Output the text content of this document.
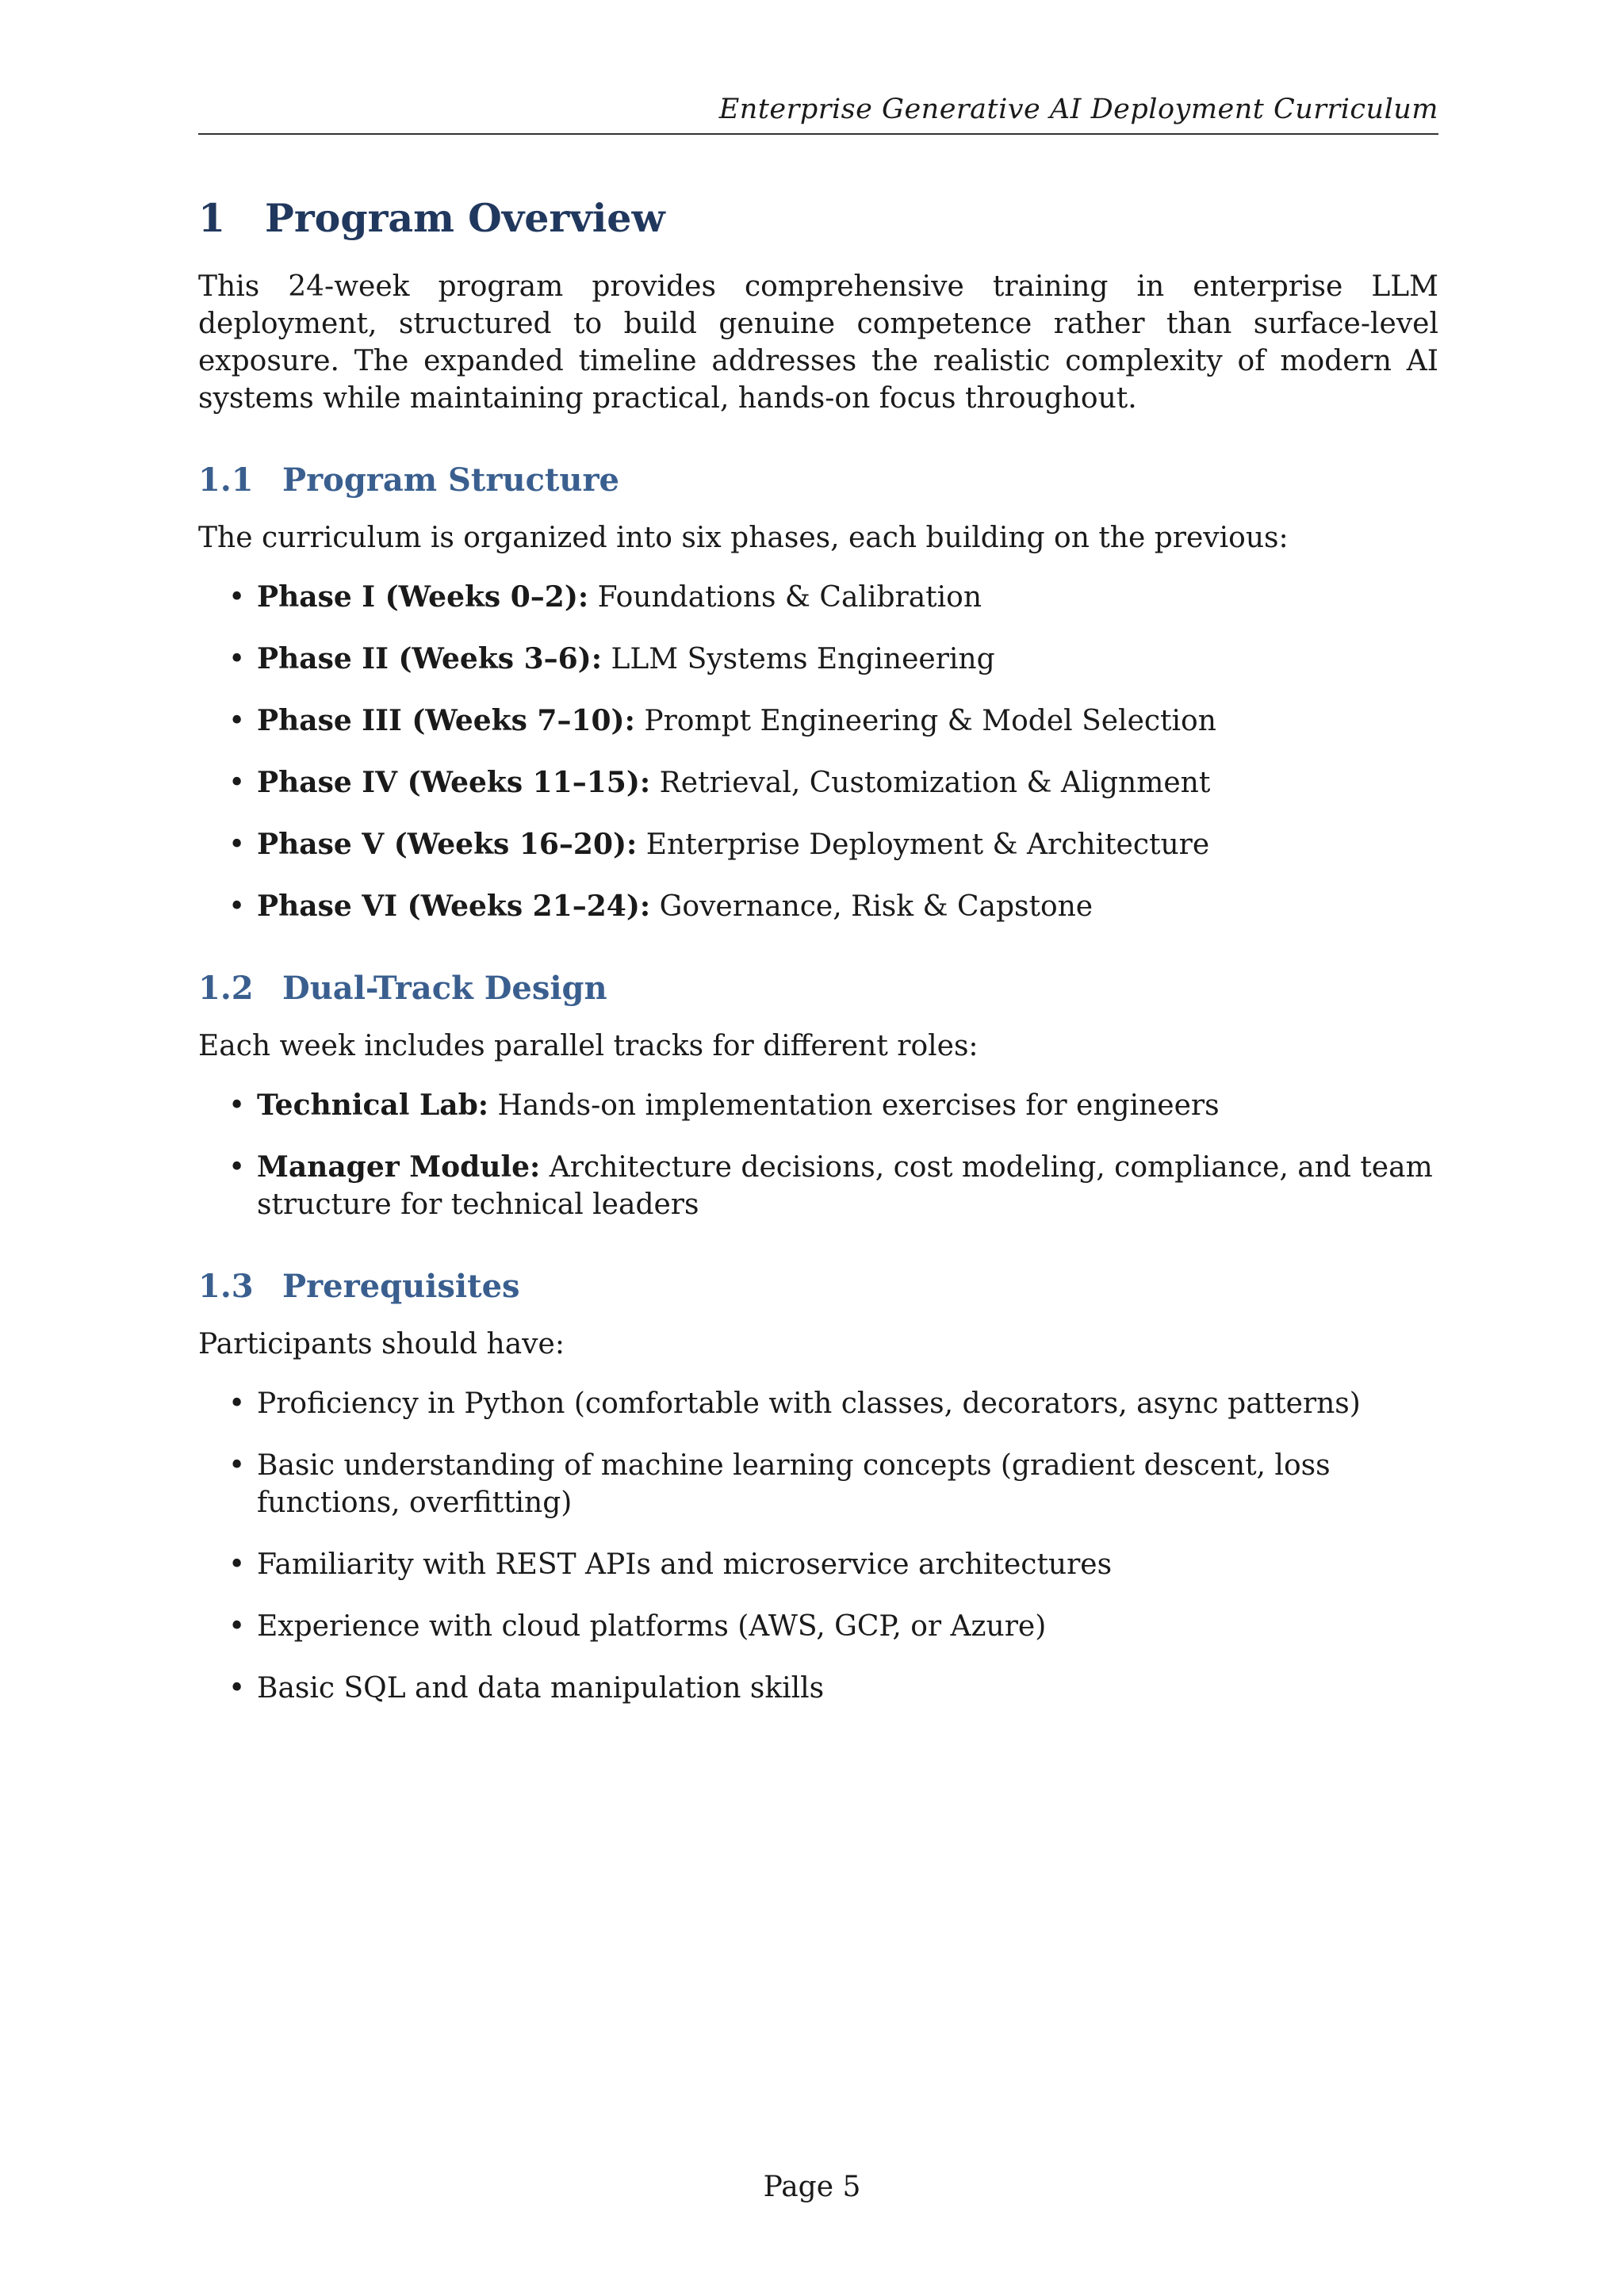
Enterprise Generative AI Deployment Curriculum
1	Program Overview

This 24-week program provides comprehensive training in enterprise LLM deployment, structured to build genuine competence rather than surface-level exposure. The expanded timeline addresses the realistic complexity of modern AI systems while maintaining practical, hands-on focus throughout.

1.1 Program Structure

The curriculum is organized into six phases, each building on the previous:

• Phase I (Weeks 0–2): Foundations & Calibration
• Phase II (Weeks 3–6): LLM Systems Engineering
• Phase III (Weeks 7–10): Prompt Engineering & Model Selection
• Phase IV (Weeks 11–15): Retrieval, Customization & Alignment
• Phase V (Weeks 16–20): Enterprise Deployment & Architecture
• Phase VI (Weeks 21–24): Governance, Risk & Capstone
1.2 Dual-Track Design

Each week includes parallel tracks for different roles:

• Technical Lab: Hands-on implementation exercises for engineers
• Manager Module: Architecture decisions, cost modeling, compliance, and team structure for technical leaders
1.3 Prerequisites

Participants should have:

• Proficiency in Python (comfortable with classes, decorators, async patterns)
• Basic understanding of machine learning concepts (gradient descent, loss functions, overfitting)
• Familiarity with REST APIs and microservice architectures
• Experience with cloud platforms (AWS, GCP, or Azure)
• Basic SQL and data manipulation skills
Page 5
